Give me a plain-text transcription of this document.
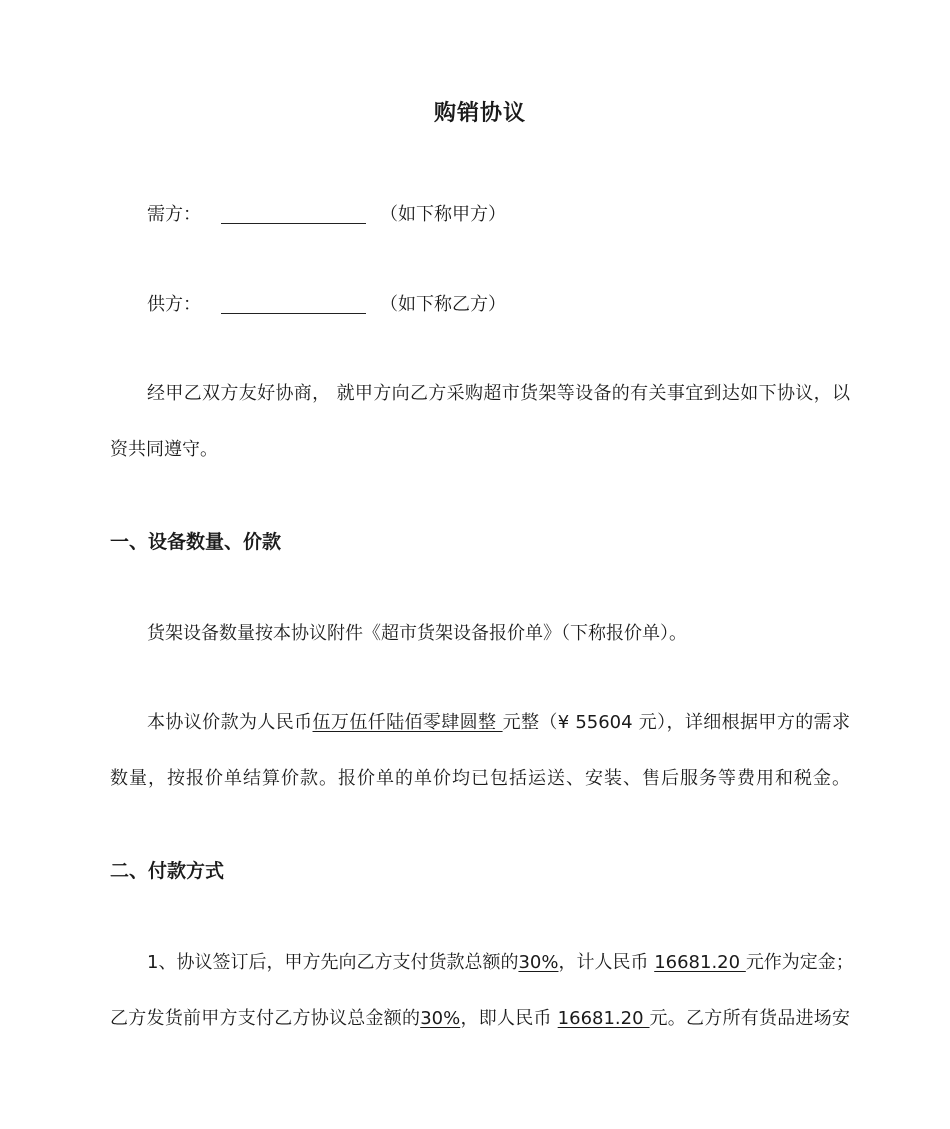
购销协议
需方：	（如下称甲方）
供方：	（如下称乙方）
经甲乙双方友好协商， 就甲方向乙方采购超市货架等设备的有关事宜到达如下协议，以
资共同遵守。
一、设备数量、价款
货架设备数量按本协议附件《超市货架设备报价单》（下称报价单）。
本协议价款为人民币伍万伍仟陆佰零肆圆整 元整（¥ 55604 元），详细根据甲方的需求
数量，按报价单结算价款。报价单的单价均已包括运送、安装、售后服务等费用和税金。
二、付款方式
1、协议签订后，甲方先向乙方支付货款总额的30%，计人民币 16681.20 元作为定金；
乙方发货前甲方支付乙方协议总金额的30%，即人民币 16681.20 元。乙方所有货品进场安
